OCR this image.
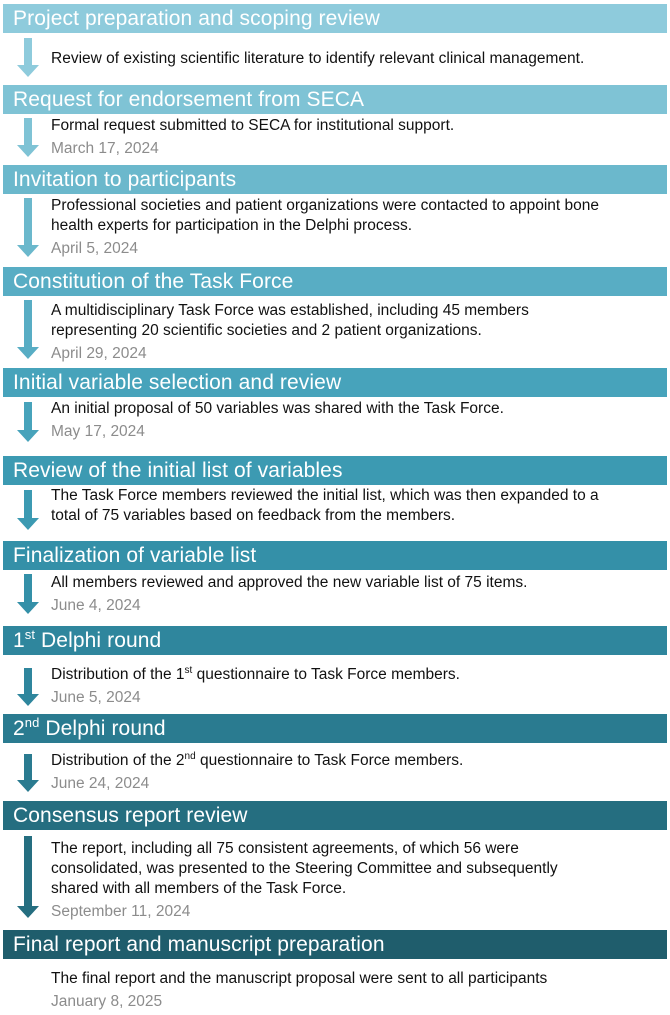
Project preparation and scoping review
Review of existing scientific literature to identify relevant clinical management.
Request for endorsement from SECA
Formal request submitted to SECA for institutional support.
March 17, 2024
Invitation to participants
Professional societies and patient organizations were contacted to appoint bone
health experts for participation in the Delphi process.
April 5, 2024
Constitution of the Task Force
A multidisciplinary Task Force was established, including 45 members
representing 20 scientific societies and 2 patient organizations.
April 29, 2024
Initial variable selection and review
An initial proposal of 50 variables was shared with the Task Force.
May 17, 2024
Review of the initial list of variables
The Task Force members reviewed the initial list, which was then expanded to a
total of 75 variables based on feedback from the members.
Finalization of variable list
All members reviewed and approved the new variable list of 75 items.
June 4, 2024
1st Delphi round
Distribution of the 1st questionnaire to Task Force members.
June 5, 2024
2nd Delphi round
Distribution of the 2nd questionnaire to Task Force members.
June 24, 2024
Consensus report review
The report, including all 75 consistent agreements, of which 56 were
consolidated, was presented to the Steering Committee and subsequently
shared with all members of the Task Force.
September 11, 2024
Final report and manuscript preparation
The final report and the manuscript proposal were sent to all participants
January 8, 2025
